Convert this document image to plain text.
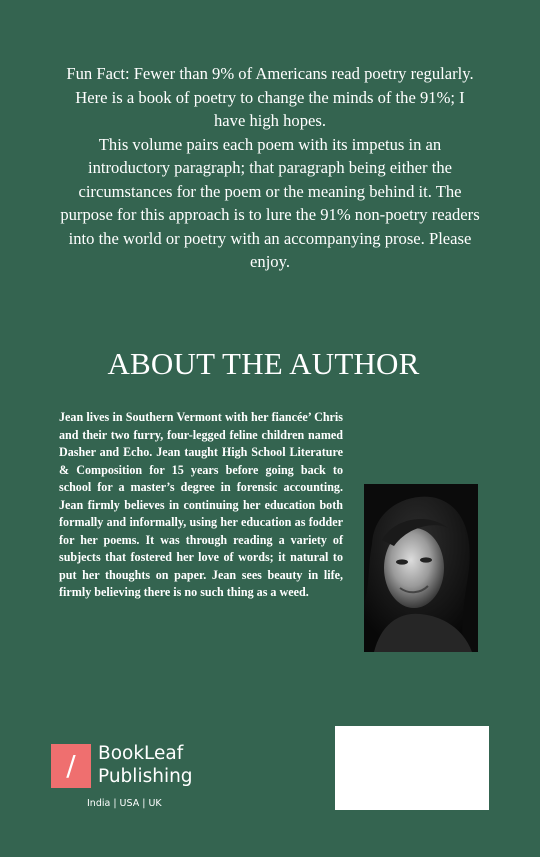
Fun Fact: Fewer than 9% of Americans read poetry regularly. Here is a book of poetry to change the minds of the 91%; I have high hopes.

This volume pairs each poem with its impetus in an introductory paragraph; that paragraph being either the circumstances for the poem or the meaning behind it. The purpose for this approach is to lure the 91% non-poetry readers into the world or poetry with an accompanying prose. Please enjoy.

ABOUT THE AUTHOR
Jean lives in Southern Vermont with her fiancée’ Chris and their two furry, four-legged feline children named Dasher and Echo. Jean taught High School Literature & Composition for 15 years before going back to school for a master’s degree in forensic accounting. Jean firmly believes in continuing her education both formally and informally, using her education as fodder for her poems. It was through reading a variety of subjects that fostered her love of words; it natural to put her thoughts on paper. Jean sees beauty in life, firmly believing there is no such thing as a weed.
/	BookLeaf
Publishing
India | USA | UK
